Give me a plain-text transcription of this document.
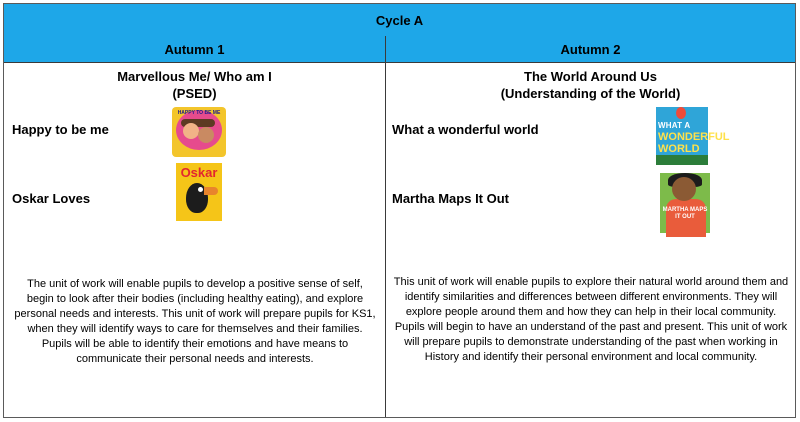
Cycle A
Autumn 1	Autumn 2
Marvellous Me/ Who am I
(PSED)
Happy to be me
HAPPY TO BE ME
Oskar Loves
Oskar
The unit of work will enable pupils to develop a positive sense of self, begin to look after their bodies (including healthy eating), and explore personal needs and interests. This unit of work will prepare pupils for KS1, when they will identify ways to care for themselves and their families. Pupils will be able to identify their emotions and have means to communicate their personal needs and interests.
The World Around Us
(Understanding of the World)
What a wonderful world	WHAT A
WONDERFUL
WORLD
Martha Maps It Out
MARTHA MAPS IT OUT
This unit of work will enable pupils to explore their natural world around them and identify similarities and differences between different environments. They will explore people around them and how they can help in their local community. Pupils will begin to have an understand of the past and present. This unit of work will prepare pupils to demonstrate understanding of the past when working in History and identify their personal environment and local community.
